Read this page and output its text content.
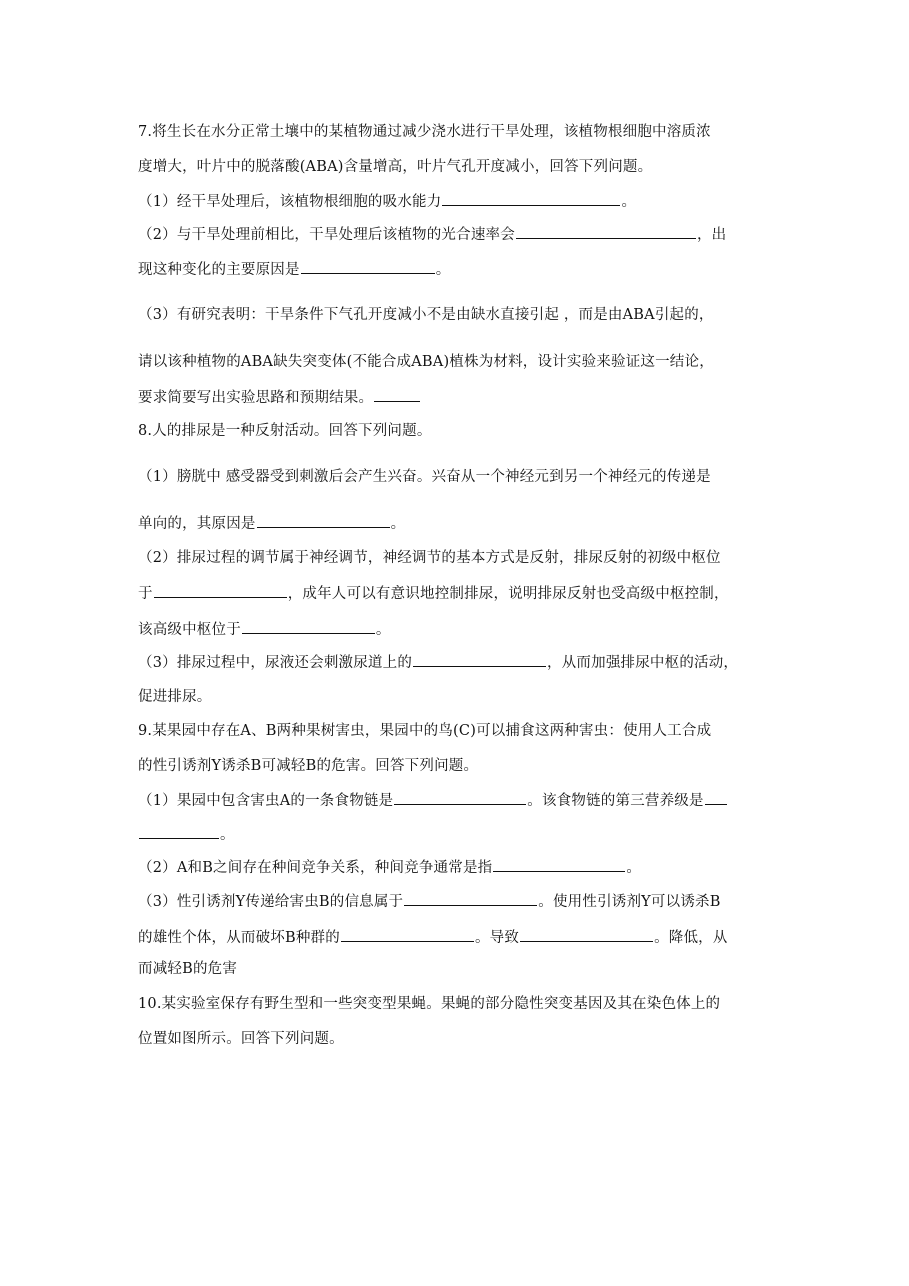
7.将生长在水分正常土壤中的某植物通过减少浇水进行干旱处理，该植物根细胞中溶质浓
度增大，叶片中的脱落酸(ABA)含量增高，叶片气孔开度减小，回答下列问题。
（1）经干旱处理后，该植物根细胞的吸水能力	。
（2）与干旱处理前相比，干旱处理后该植物的光合速率会	，出
现这种变化的主要原因是	。
（3）有研究表明：干旱条件下气孔开度减小不是由缺水直接引起 ，而是由ABA引起的，
请以该种植物的ABA缺失突变体(不能合成ABA)植株为材料，设计实验来验证这一结论，
要求简要写出实验思路和预期结果。
8.人的排尿是一种反射活动。回答下列问题。
（1）膀胱中 感受器受到刺激后会产生兴奋。兴奋从一个神经元到另一个神经元的传递是
单向的，其原因是	。
（2）排尿过程的调节属于神经调节，神经调节的基本方式是反射，排尿反射的初级中枢位
于	，成年人可以有意识地控制排尿，说明排尿反射也受高级中枢控制，
该高级中枢位于	。
（3）排尿过程中，尿液还会刺激尿道上的	，从而加强排尿中枢的活动，
促进排尿。
9.某果园中存在A、B两种果树害虫，果园中的鸟(C)可以捕食这两种害虫：使用人工合成
的性引诱剂Y诱杀B可减轻B的危害。回答下列问题。
（1）果园中包含害虫A的一条食物链是	。该食物链的第三营养级是
。
（2）A和B之间存在种间竞争关系，种间竞争通常是指	。
（3）性引诱剂Y传递给害虫B的信息属于	。使用性引诱剂Y可以诱杀B
的雄性个体，从而破坏B种群的	。导致	。降低，从
而减轻B的危害
10.某实验室保存有野生型和一些突变型果蝇。果蝇的部分隐性突变基因及其在染色体上的
位置如图所示。回答下列问题。
